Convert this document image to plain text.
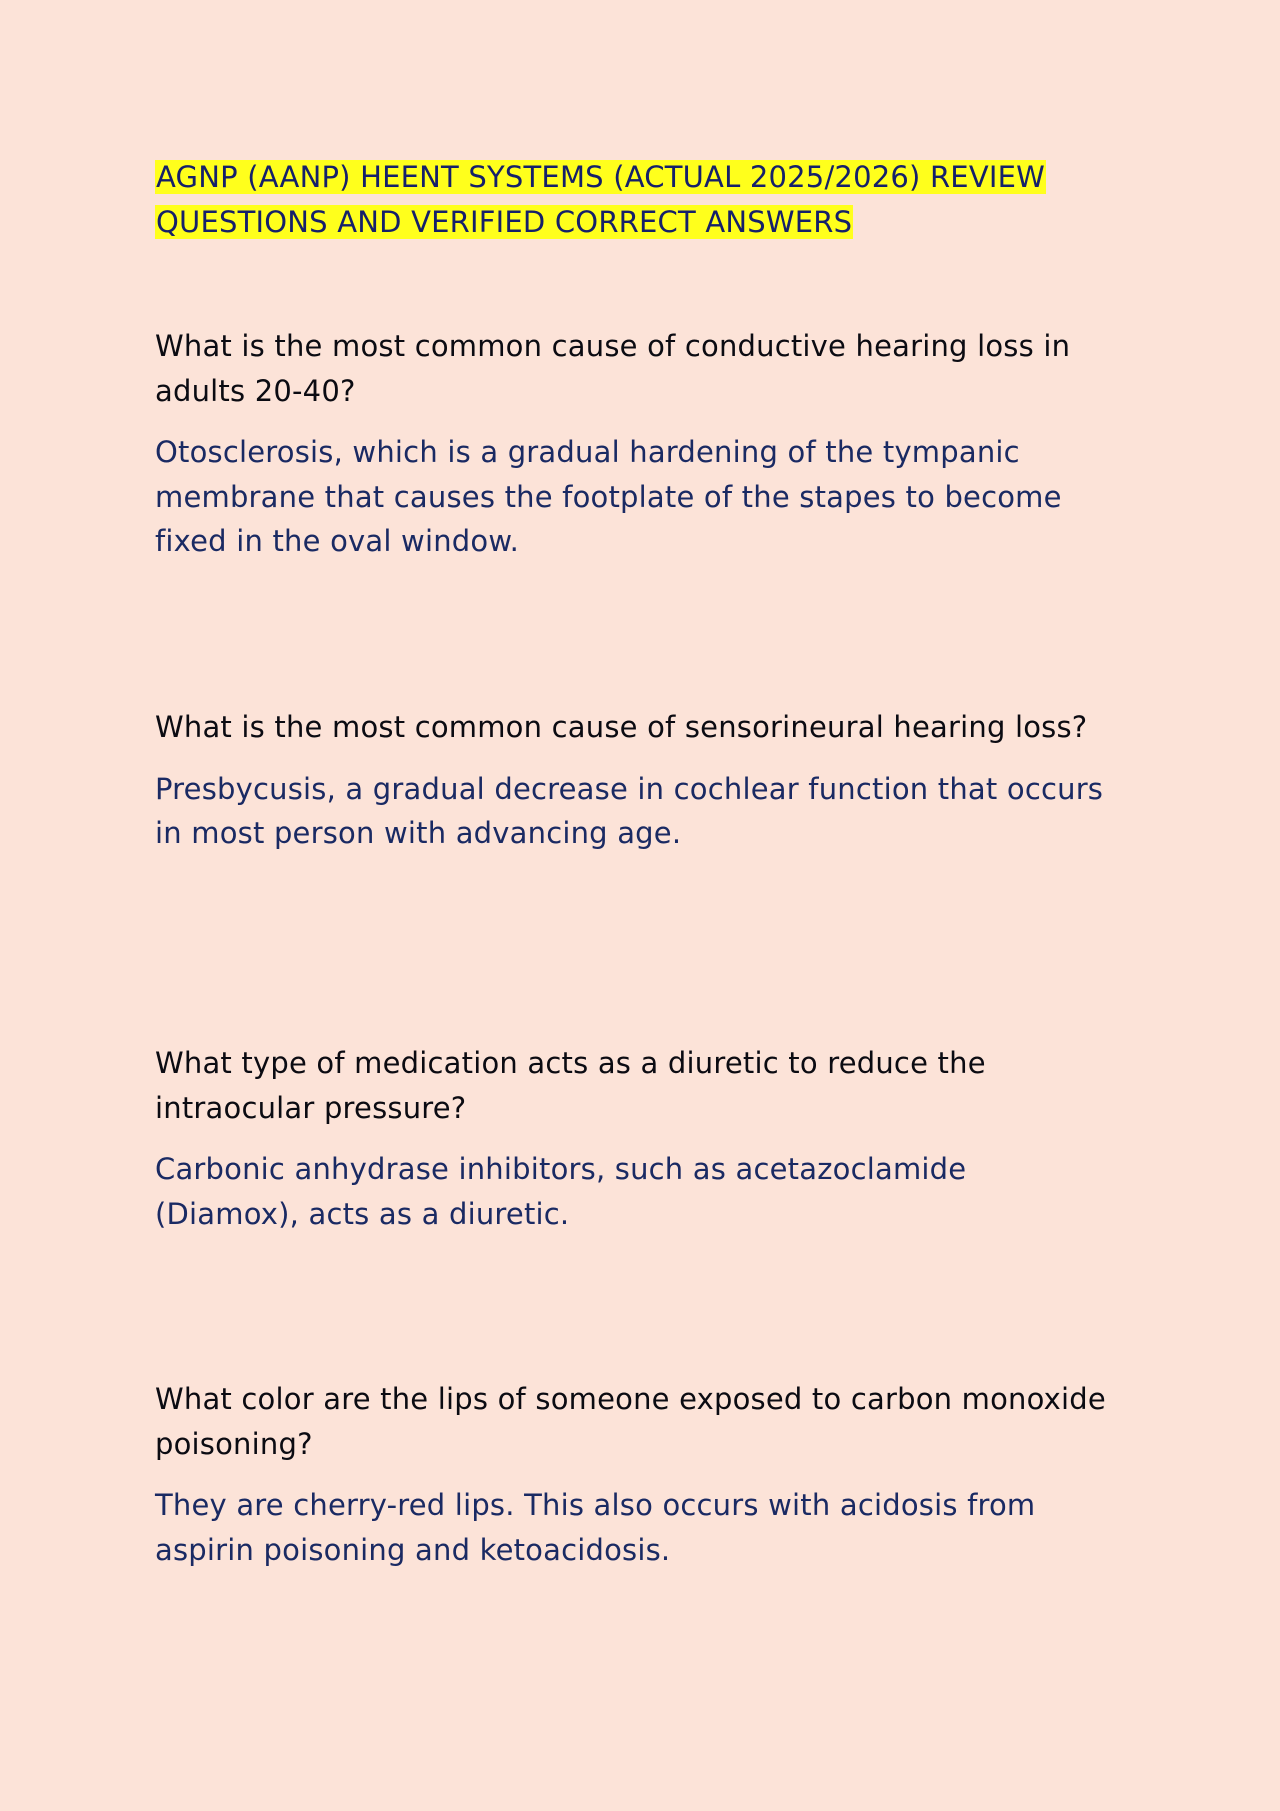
AGNP (AANP) HEENT SYSTEMS (ACTUAL 2025/2026) REVIEW QUESTIONS AND VERIFIED CORRECT ANSWERS

What is the most common cause of conductive hearing loss in adults 20-40?

Otosclerosis, which is a gradual hardening of the tympanic membrane that causes the footplate of the stapes to become fixed in the oval window.

What is the most common cause of sensorineural hearing loss?

Presbycusis, a gradual decrease in cochlear function that occurs in most person with advancing age.

What type of medication acts as a diuretic to reduce the intraocular pressure?

Carbonic anhydrase inhibitors, such as acetazoclamide (Diamox), acts as a diuretic.

What color are the lips of someone exposed to carbon monoxide poisoning?

They are cherry-red lips. This also occurs with acidosis from aspirin poisoning and ketoacidosis.
